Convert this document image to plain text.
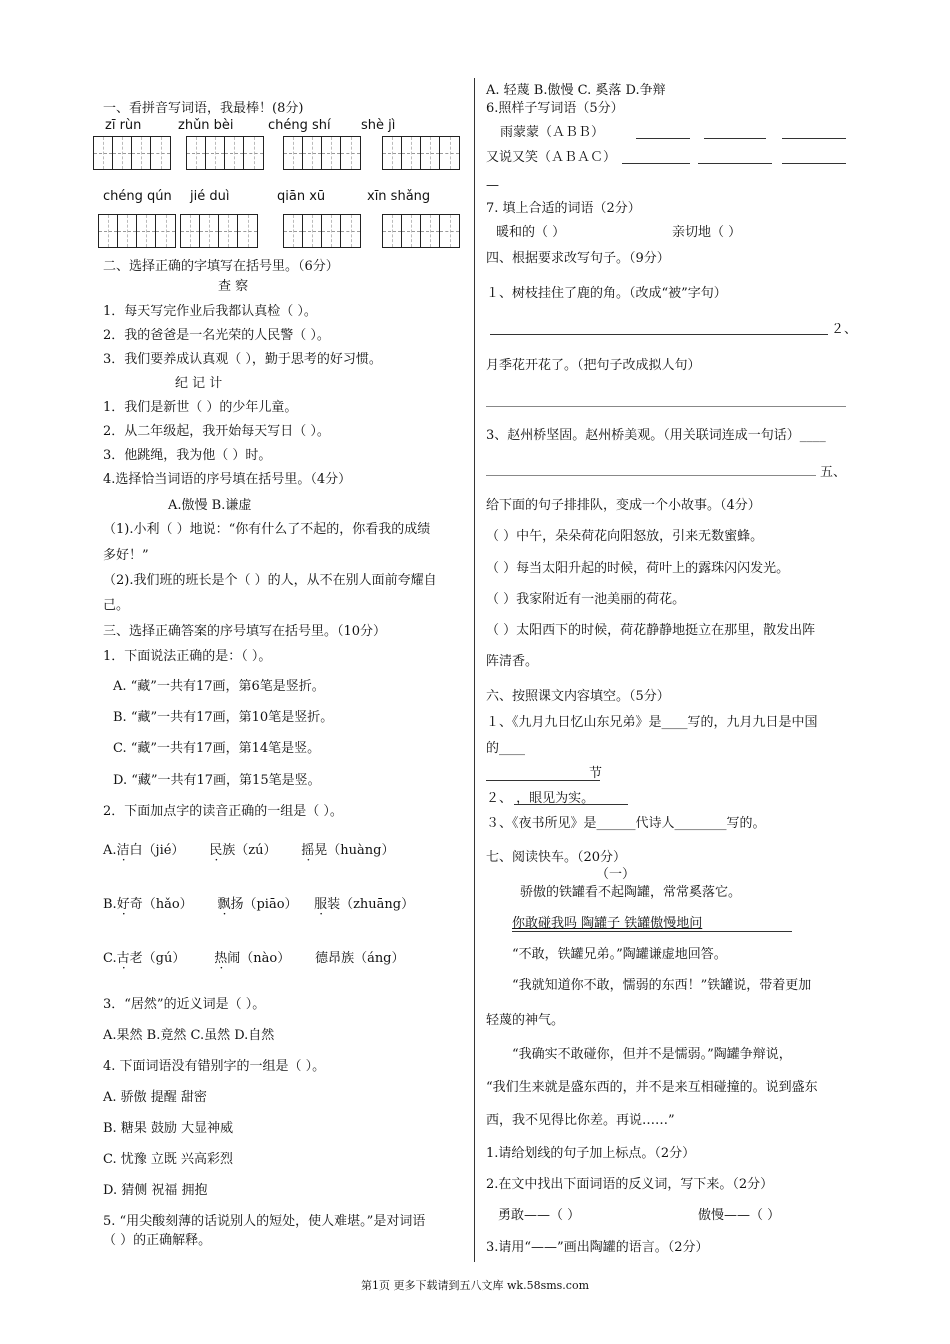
一、看拼音写词语，我最棒！(8分)
zī rùn	zhǔn bèi	chéng shí shè jì
chéng qún jié duì	qiān xū	xīn shǎng
二、选择正确的字填写在括号里。（6分）
查 察
1．每天写完作业后我都认真检（ ）。
2．我的爸爸是一名光荣的人民警（ ）。
3．我们要养成认真观（ ），勤于思考的好习惯。
纪 记 计
1．我们是新世（ ）的少年儿童。
2．从二年级起，我开始每天写日（ ）。
3．他跳绳，我为他（ ）时。
4.选择恰当词语的序号填在括号里。（4分）
A.傲慢 B.谦虚
（1).小利（ ）地说：“你有什么了不起的，你看我的成绩
多好！”
（2).我们班的班长是个（ ）的人，从不在别人面前夸耀自
己。
三、选择正确答案的序号填写在括号里。（10分）
1．下面说法正确的是：（ ）。
A. “藏”一共有17画，第6笔是竖折。
B. “藏”一共有17画，第10笔是竖折。
C. “藏”一共有17画，第14笔是竖。
D. “藏”一共有17画，第15笔是竖。
2．下面加点字的读音正确的一组是（ ）。
A.洁白（jié） 民族（zú） 摇晃（huàng）
B.好奇（hǎo） 飘扬（piāo） 服装（zhuāng）
C.古老（gú） 热闹（nào） 德昂族（áng）
3．“居然”的近义词是（ ）。
A.果然 B.竟然 C.虽然 D.自然
4. 下面词语没有错别字的一组是（ ）。
A. 骄傲 提醒 甜密
B. 糖果 鼓励 大显神威
C. 忧豫 立既 兴高彩烈
D. 猜侧 祝福 拥抱
5. “用尖酸刻薄的话说别人的短处，使人难堪。”是对词语
（ ）的正确解释。
A. 轻蔑 B.傲慢 C. 奚落 D.争辩
6.照样子写词语（5分）
雨蒙蒙（ＡＢＢ）
又说又笑（ＡＢＡＣ）
—
7. 填上合适的词语（2分）
暖和的（ ）	亲切地（ ）
四、根据要求改写句子。（9分）
１、树枝挂住了鹿的角。（改成“被”字句）
２、
月季花开花了。（把句子改成拟人句）
3、赵州桥坚固。赵州桥美观。（用关联词连成一句话）____
五、
给下面的句子排排队，变成一个小故事。（4分）
（ ）中午，朵朵荷花向阳怒放，引来无数蜜蜂。
（ ）每当太阳升起的时候，荷叶上的露珠闪闪发光。
（ ）我家附近有一池美丽的荷花。
（ ）太阳西下的时候，荷花静静地挺立在那里，散发出阵
阵清香。
六、按照课文内容填空。（5分）
１、《九月九日忆山东兄弟》是____写的，九月九日是中国
的____
节
２、 ，眼见为实。
３、《夜书所见》是______代诗人________写的。
七、阅读快车。（20分）
（一）
骄傲的铁罐看不起陶罐，常常奚落它。
你敢碰我吗 陶罐子 铁罐傲慢地问
“不敢，铁罐兄弟。”陶罐谦虚地回答。
“我就知道你不敢，懦弱的东西！”铁罐说，带着更加
轻蔑的神气。
“我确实不敢碰你，但并不是懦弱。”陶罐争辩说，
“我们生来就是盛东西的，并不是来互相碰撞的。说到盛东
西，我不见得比你差。再说……”
1.请给划线的句子加上标点。（2分）
2.在文中找出下面词语的反义词，写下来。（2分）
勇敢——（ ）	傲慢——（ ）
3.请用“——”画出陶罐的语言。（2分）
第1页 更多下载请到五八文库 wk.58sms.com
